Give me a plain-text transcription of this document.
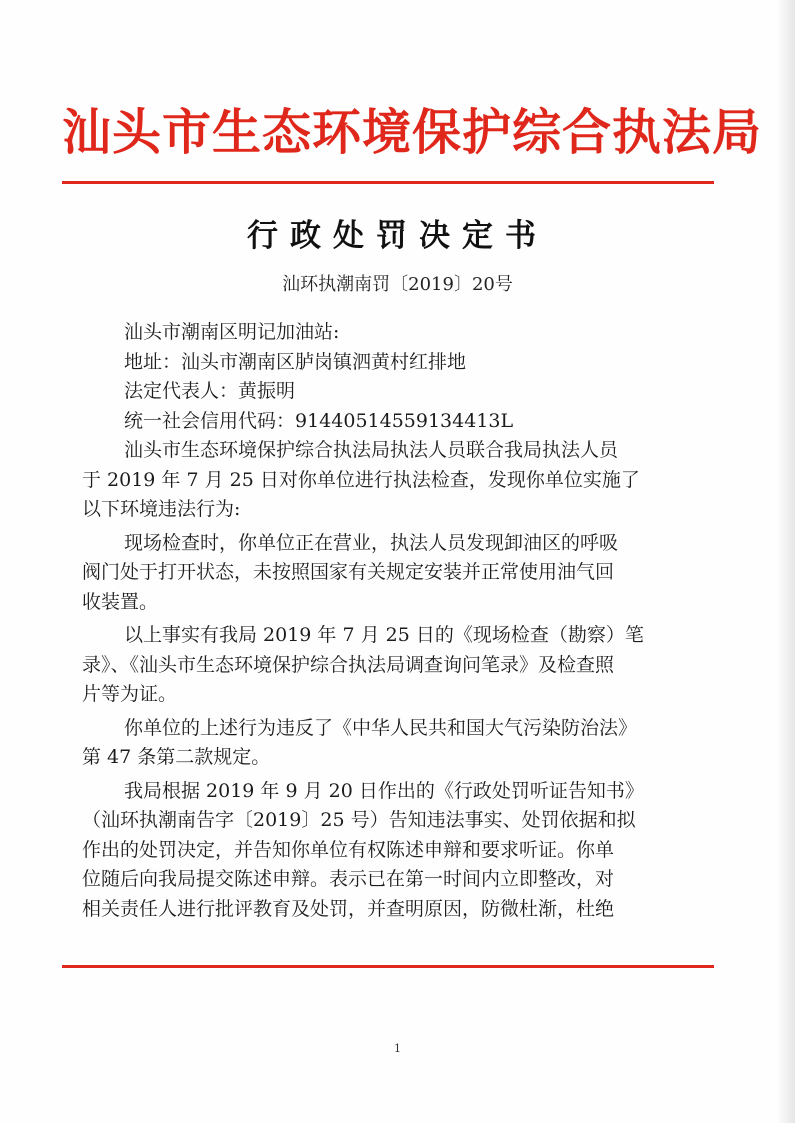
汕头市生态环境保护综合执法局
行政处罚决定书
汕环执潮南罚〔2019〕20号

汕头市潮南区明记加油站:

地址：汕头市潮南区胪岗镇泗黄村红排地

法定代表人：黄振明

统一社会信用代码：91440514559134413L

汕头市生态环境保护综合执法局执法人员联合我局执法人员

于 2019 年 7 月 25 日对你单位进行执法检查，发现你单位实施了

以下环境违法行为:

现场检查时，你单位正在营业，执法人员发现卸油区的呼吸

阀门处于打开状态，未按照国家有关规定安装并正常使用油气回

收装置。

以上事实有我局 2019 年 7 月 25 日的《现场检查（勘察）笔

录》、《汕头市生态环境保护综合执法局调查询问笔录》及检查照

片等为证。

你单位的上述行为违反了《中华人民共和国大气污染防治法》

第 47 条第二款规定。

我局根据 2019 年 9 月 20 日作出的《行政处罚听证告知书》

（汕环执潮南告字〔2019〕25 号）告知违法事实、处罚依据和拟

作出的处罚决定，并告知你单位有权陈述申辩和要求听证。你单

位随后向我局提交陈述申辩。表示已在第一时间内立即整改，对

相关责任人进行批评教育及处罚，并查明原因，防微杜渐，杜绝

1
